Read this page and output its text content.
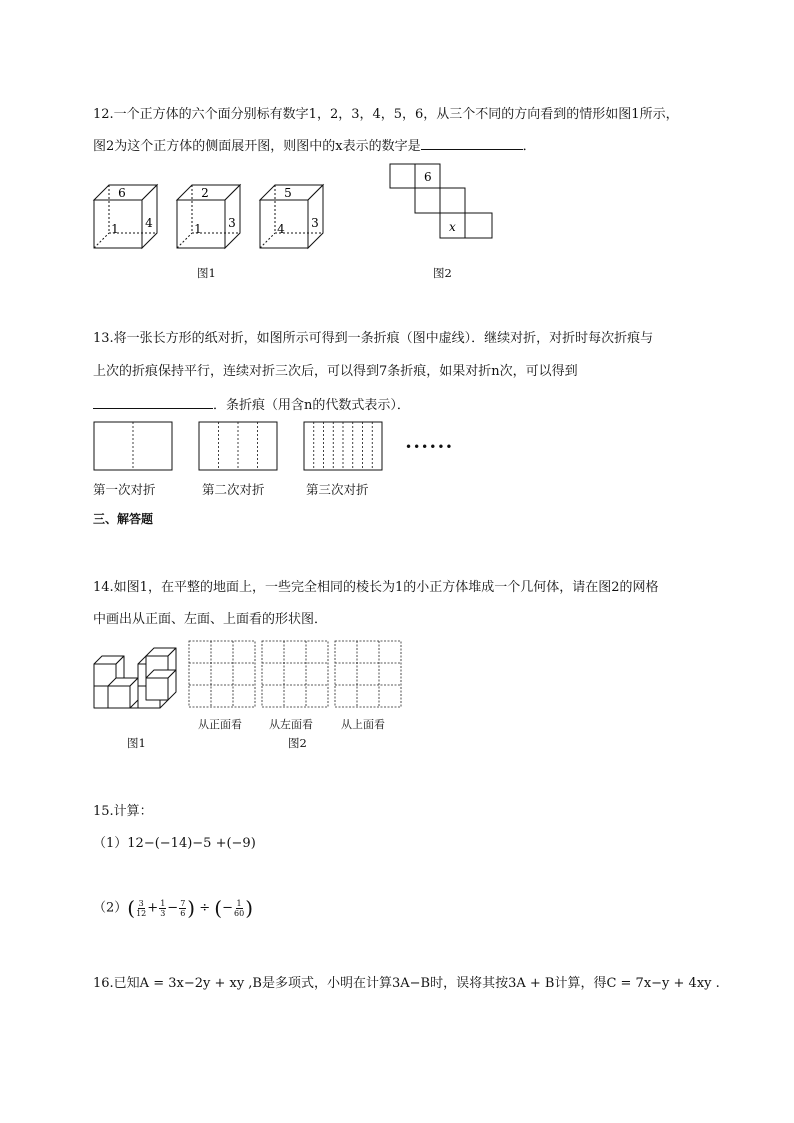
12.一个正方体的六个面分别标有数字1，2，3，4，5，6，从三个不同的方向看到的情形如图1所示，
图2为这个正方体的侧面展开图，则图中的x表示的数字是	．
6
1 4
2
1 3
5
4 3
图1
6
x
图2
13.将一张长方形的纸对折，如图所示可得到一条折痕（图中虚线）．继续对折，对折时每次折痕与
上次的折痕保持平行，连续对折三次后，可以得到7条折痕，如果对折n次，可以得到
．条折痕（用含n的代数式表示）．
••••••
第一次对折	第二次对折	第三次对折
三、解答题
14.如图1，在平整的地面上，一些完全相同的棱长为1的小正方体堆成一个几何体，请在图2的网格
中画出从正面、左面、上面看的形状图．
图1
从正面看 从左面看	从上面看
图2
15.计算：
（1）12−(−14)−5 +(−9)
$(2)( \frac{3}{12} + \frac{1}{3} - \frac{7}{6}$ ) ÷ (− $\frac{1}{60}$ )
16.已知A = 3x−2y + xy ,B是多项式，小明在计算3A−B时，误将其按3A + B计算，得C = 7x−y + 4xy .
